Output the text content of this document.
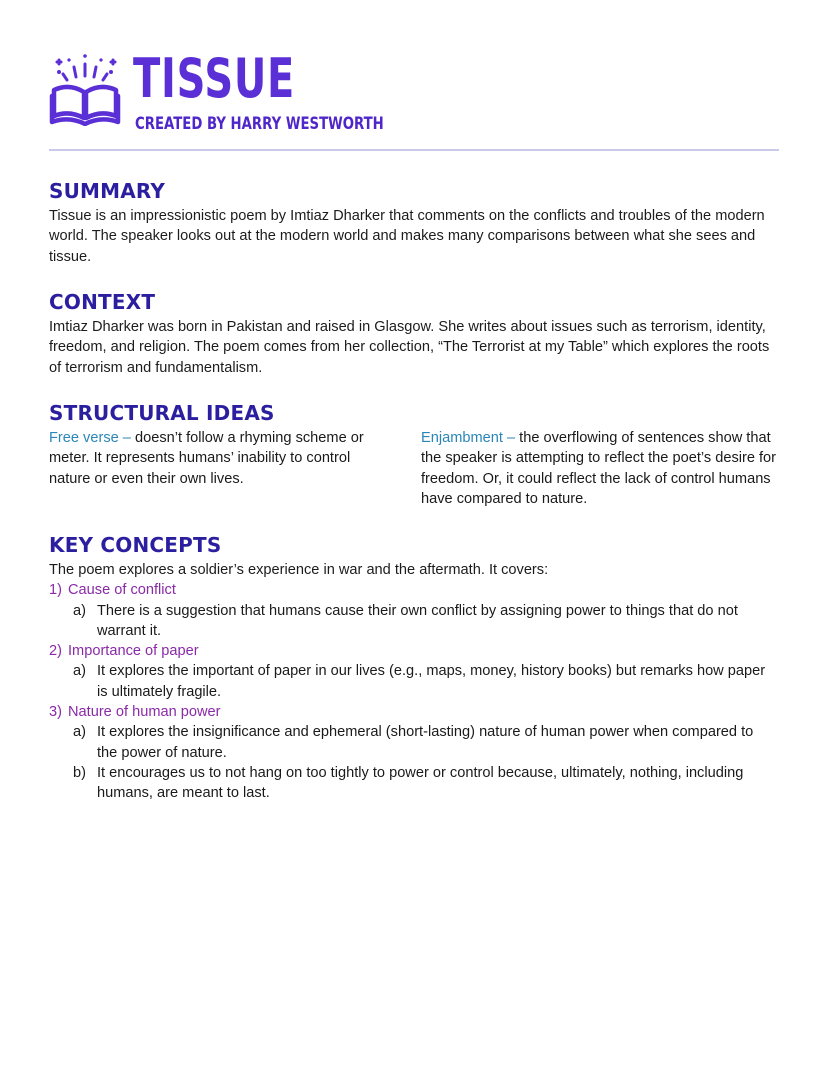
TISSUE
CREATED BY HARRY WESTWORTH
SUMMARY

Tissue is an impressionistic poem by Imtiaz Dharker that comments on the conflicts and troubles of the modern world. The speaker looks out at the modern world and makes many comparisons between what she sees and tissue.

CONTEXT

Imtiaz Dharker was born in Pakistan and raised in Glasgow. She writes about issues such as terrorism, identity, freedom, and religion. The poem comes from her collection, “The Terrorist at my Table” which explores the roots of terrorism and fundamentalism.

STRUCTURAL IDEAS
Free verse – doesn’t follow a rhyming scheme or meter. It represents humans’ inability to control nature or even their own lives.
Enjambment – the overflowing of sentences show that the speaker is attempting to reflect the poet’s desire for freedom. Or, it could reflect the lack of control humans have compared to nature.
KEY CONCEPTS

The poem explores a soldier’s experience in war and the aftermath. It covers:

1) Cause of conflict
a) There is a suggestion that humans cause their own conflict by assigning power to things that do not warrant it.
2) Importance of paper
a) It explores the important of paper in our lives (e.g., maps, money, history books) but remarks how paper is ultimately fragile.
3) Nature of human power
a) It explores the insignificance and ephemeral (short-lasting) nature of human power when compared to the power of nature.
b) It encourages us to not hang on too tightly to power or control because, ultimately, nothing, including humans, are meant to last.
